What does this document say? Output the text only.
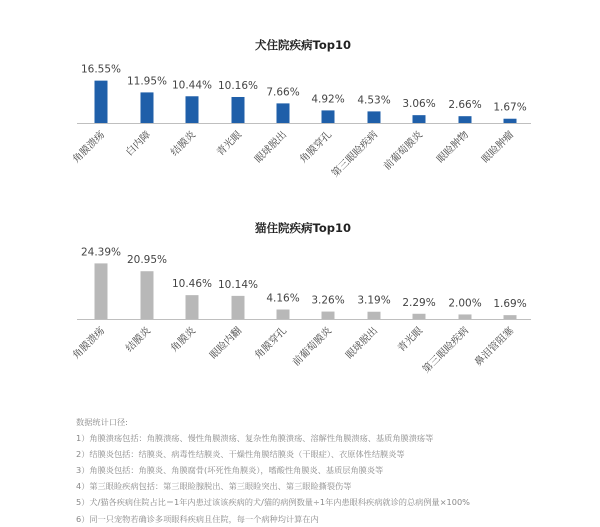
犬住院疾病Top10
16.55%
角膜溃疡
11.95%
白内障
10.44%
结膜炎
10.16%
青光眼
7.66%
眼球脱出
4.92%
角膜穿孔
4.53%
第三眼睑疾病
3.06%
前葡萄膜炎
2.66%
眼睑肿物
1.67%
眼睑肿瘤
猫住院疾病Top10
24.39%
角膜溃疡
20.95%
结膜炎
10.46%
角膜炎
10.14%
眼睑内翻
4.16%
角膜穿孔
3.26%
前葡萄膜炎
3.19%
眼球脱出
2.29%
青光眼
2.00%
第三眼睑疾病
1.69%
鼻泪管阻塞
数据统计口径:
1）角膜溃疡包括：角膜溃疡、慢性角膜溃疡、复杂性角膜溃疡、溶解性角膜溃疡、基质角膜溃疡等
2）结膜炎包括：结膜炎、病毒性结膜炎、干燥性角膜结膜炎（干眼症）、衣原体性结膜炎等
3）角膜炎包括：角膜炎、角膜腐骨(坏死性角膜炎），嗜酸性角膜炎、基质层角膜炎等
4）第三眼睑疾病包括：第三眼睑腺脱出、第三眼睑突出、第三眼睑撕裂伤等
5）犬/猫各疾病住院占比＝1年内患过该该疾病的犬/猫的病例数量÷1年内患眼科疾病就诊的总病例量×100%
6）同一只宠物若确诊多项眼科疾病且住院，每一个病种均计算在内
